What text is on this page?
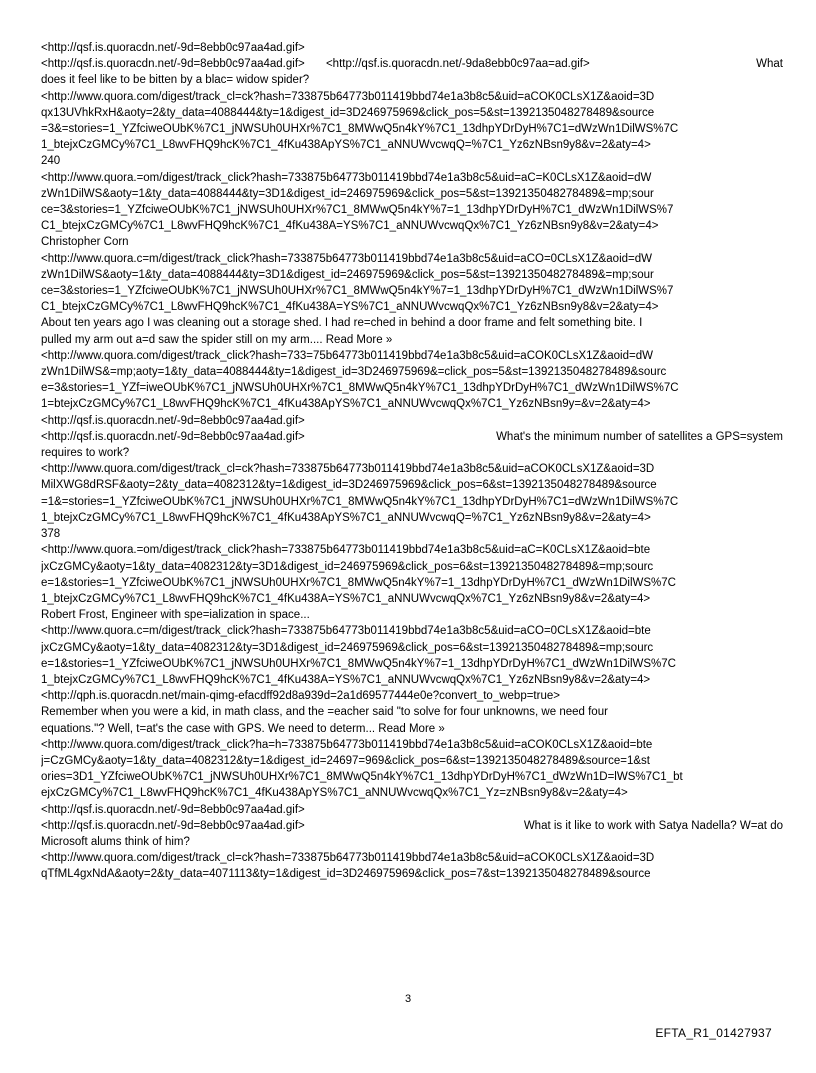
<http://qsf.is.quoracdn.net/-9d=8ebb0c97aa4ad.gif>
<http://qsf.is.quoracdn.net/-9d=8ebb0c97aa4ad.gif> <http://qsf.is.quoracdn.net/-9da8ebb0c97aa=ad.gif>	What
does it feel like to be bitten by a blac= widow spider?
<http://www.quora.com/digest/track_cl=ck?hash=733875b64773b011419bbd74e1a3b8c5&uid=aCOK0CLsX1Z&aoid=3D
qx13UVhkRxH&aoty=2&ty_data=4088444&ty=1&digest_id=3D246975969&click_pos=5&st=1392135048278489&source
=3&=stories=1_YZfciweOUbK%7C1_jNWSUh0UHXr%7C1_8MWwQ5n4kY%7C1_13dhpYDrDyH%7C1=dWzWn1DilWS%7C
1_btejxCzGMCy%7C1_L8wvFHQ9hcK%7C1_4fKu438ApYS%7C1_aNNUWvcwqQ=%7C1_Yz6zNBsn9y8&v=2&aty=4>
240
<http://www.quora.=om/digest/track_click?hash=733875b64773b011419bbd74e1a3b8c5&uid=aC=K0CLsX1Z&aoid=dW
zWn1DilWS&aoty=1&ty_data=4088444&ty=3D1&digest_id=246975969&click_pos=5&st=1392135048278489&=mp;sour
ce=3&stories=1_YZfciweOUbK%7C1_jNWSUh0UHXr%7C1_8MWwQ5n4kY%7=1_13dhpYDrDyH%7C1_dWzWn1DilWS%7
C1_btejxCzGMCy%7C1_L8wvFHQ9hcK%7C1_4fKu438A=YS%7C1_aNNUWvcwqQx%7C1_Yz6zNBsn9y8&v=2&aty=4>
Christopher Corn
<http://www.quora.c=m/digest/track_click?hash=733875b64773b011419bbd74e1a3b8c5&uid=aCO=0CLsX1Z&aoid=dW
zWn1DilWS&aoty=1&ty_data=4088444&ty=3D1&digest_id=246975969&click_pos=5&st=1392135048278489&=mp;sour
ce=3&stories=1_YZfciweOUbK%7C1_jNWSUh0UHXr%7C1_8MWwQ5n4kY%7=1_13dhpYDrDyH%7C1_dWzWn1DilWS%7
C1_btejxCzGMCy%7C1_L8wvFHQ9hcK%7C1_4fKu438A=YS%7C1_aNNUWvcwqQx%7C1_Yz6zNBsn9y8&v=2&aty=4>
About ten years ago I was cleaning out a storage shed. I had re=ched in behind a door frame and felt something bite. I
pulled my arm out a=d saw the spider still on my arm.... Read More »
<http://www.quora.com/digest/track_click?hash=733=75b64773b011419bbd74e1a3b8c5&uid=aCOK0CLsX1Z&aoid=dW
zWn1DilWS&=mp;aoty=1&ty_data=4088444&ty=1&digest_id=3D246975969&=click_pos=5&st=1392135048278489&sourc
e=3&stories=1_YZf=iweOUbK%7C1_jNWSUh0UHXr%7C1_8MWwQ5n4kY%7C1_13dhpYDrDyH%7C1_dWzWn1DilWS%7C
1=btejxCzGMCy%7C1_L8wvFHQ9hcK%7C1_4fKu438ApYS%7C1_aNNUWvcwqQx%7C1_Yz6zNBsn9y=&v=2&aty=4>
<http://qsf.is.quoracdn.net/-9d=8ebb0c97aa4ad.gif>
<http://qsf.is.quoracdn.net/-9d=8ebb0c97aa4ad.gif>	What's the minimum number of satellites a GPS=system
requires to work?
<http://www.quora.com/digest/track_cl=ck?hash=733875b64773b011419bbd74e1a3b8c5&uid=aCOK0CLsX1Z&aoid=3D
MilXWG8dRSF&aoty=2&ty_data=4082312&ty=1&digest_id=3D246975969&click_pos=6&st=1392135048278489&source
=1&=stories=1_YZfciweOUbK%7C1_jNWSUh0UHXr%7C1_8MWwQ5n4kY%7C1_13dhpYDrDyH%7C1=dWzWn1DilWS%7C
1_btejxCzGMCy%7C1_L8wvFHQ9hcK%7C1_4fKu438ApYS%7C1_aNNUWvcwqQ=%7C1_Yz6zNBsn9y8&v=2&aty=4>
378
<http://www.quora.=om/digest/track_click?hash=733875b64773b011419bbd74e1a3b8c5&uid=aC=K0CLsX1Z&aoid=bte
jxCzGMCy&aoty=1&ty_data=4082312&ty=3D1&digest_id=246975969&click_pos=6&st=1392135048278489&=mp;sourc
e=1&stories=1_YZfciweOUbK%7C1_jNWSUh0UHXr%7C1_8MWwQ5n4kY%7=1_13dhpYDrDyH%7C1_dWzWn1DilWS%7C
1_btejxCzGMCy%7C1_L8wvFHQ9hcK%7C1_4fKu438A=YS%7C1_aNNUWvcwqQx%7C1_Yz6zNBsn9y8&v=2&aty=4>
Robert Frost, Engineer with spe=ialization in space...
<http://www.quora.c=m/digest/track_click?hash=733875b64773b011419bbd74e1a3b8c5&uid=aCO=0CLsX1Z&aoid=bte
jxCzGMCy&aoty=1&ty_data=4082312&ty=3D1&digest_id=246975969&click_pos=6&st=1392135048278489&=mp;sourc
e=1&stories=1_YZfciweOUbK%7C1_jNWSUh0UHXr%7C1_8MWwQ5n4kY%7=1_13dhpYDrDyH%7C1_dWzWn1DilWS%7C
1_btejxCzGMCy%7C1_L8wvFHQ9hcK%7C1_4fKu438A=YS%7C1_aNNUWvcwqQx%7C1_Yz6zNBsn9y8&v=2&aty=4>
<http://qph.is.quoracdn.net/main-qimg-efacdff92d8a939d=2a1d69577444e0e?convert_to_webp=true>
Remember when you were a kid, in math class, and the =eacher said "to solve for four unknowns, we need four
equations."? Well, t=at's the case with GPS. We need to determ... Read More »
<http://www.quora.com/digest/track_click?ha=h=733875b64773b011419bbd74e1a3b8c5&uid=aCOK0CLsX1Z&aoid=bte
j=CzGMCy&aoty=1&ty_data=4082312&ty=1&digest_id=24697=969&click_pos=6&st=1392135048278489&source=1&st
ories=3D1_YZfciweOUbK%7C1_jNWSUh0UHXr%7C1_8MWwQ5n4kY%7C1_13dhpYDrDyH%7C1_dWzWn1D=lWS%7C1_bt
ejxCzGMCy%7C1_L8wvFHQ9hcK%7C1_4fKu438ApYS%7C1_aNNUWvcwqQx%7C1_Yz=zNBsn9y8&v=2&aty=4>
<http://qsf.is.quoracdn.net/-9d=8ebb0c97aa4ad.gif>
<http://qsf.is.quoracdn.net/-9d=8ebb0c97aa4ad.gif>	What is it like to work with Satya Nadella? W=at do
Microsoft alums think of him?
<http://www.quora.com/digest/track_cl=ck?hash=733875b64773b011419bbd74e1a3b8c5&uid=aCOK0CLsX1Z&aoid=3D
qTfML4gxNdA&aoty=2&ty_data=4071113&ty=1&digest_id=3D246975969&click_pos=7&st=1392135048278489&source
3
EFTA_R1_01427937
